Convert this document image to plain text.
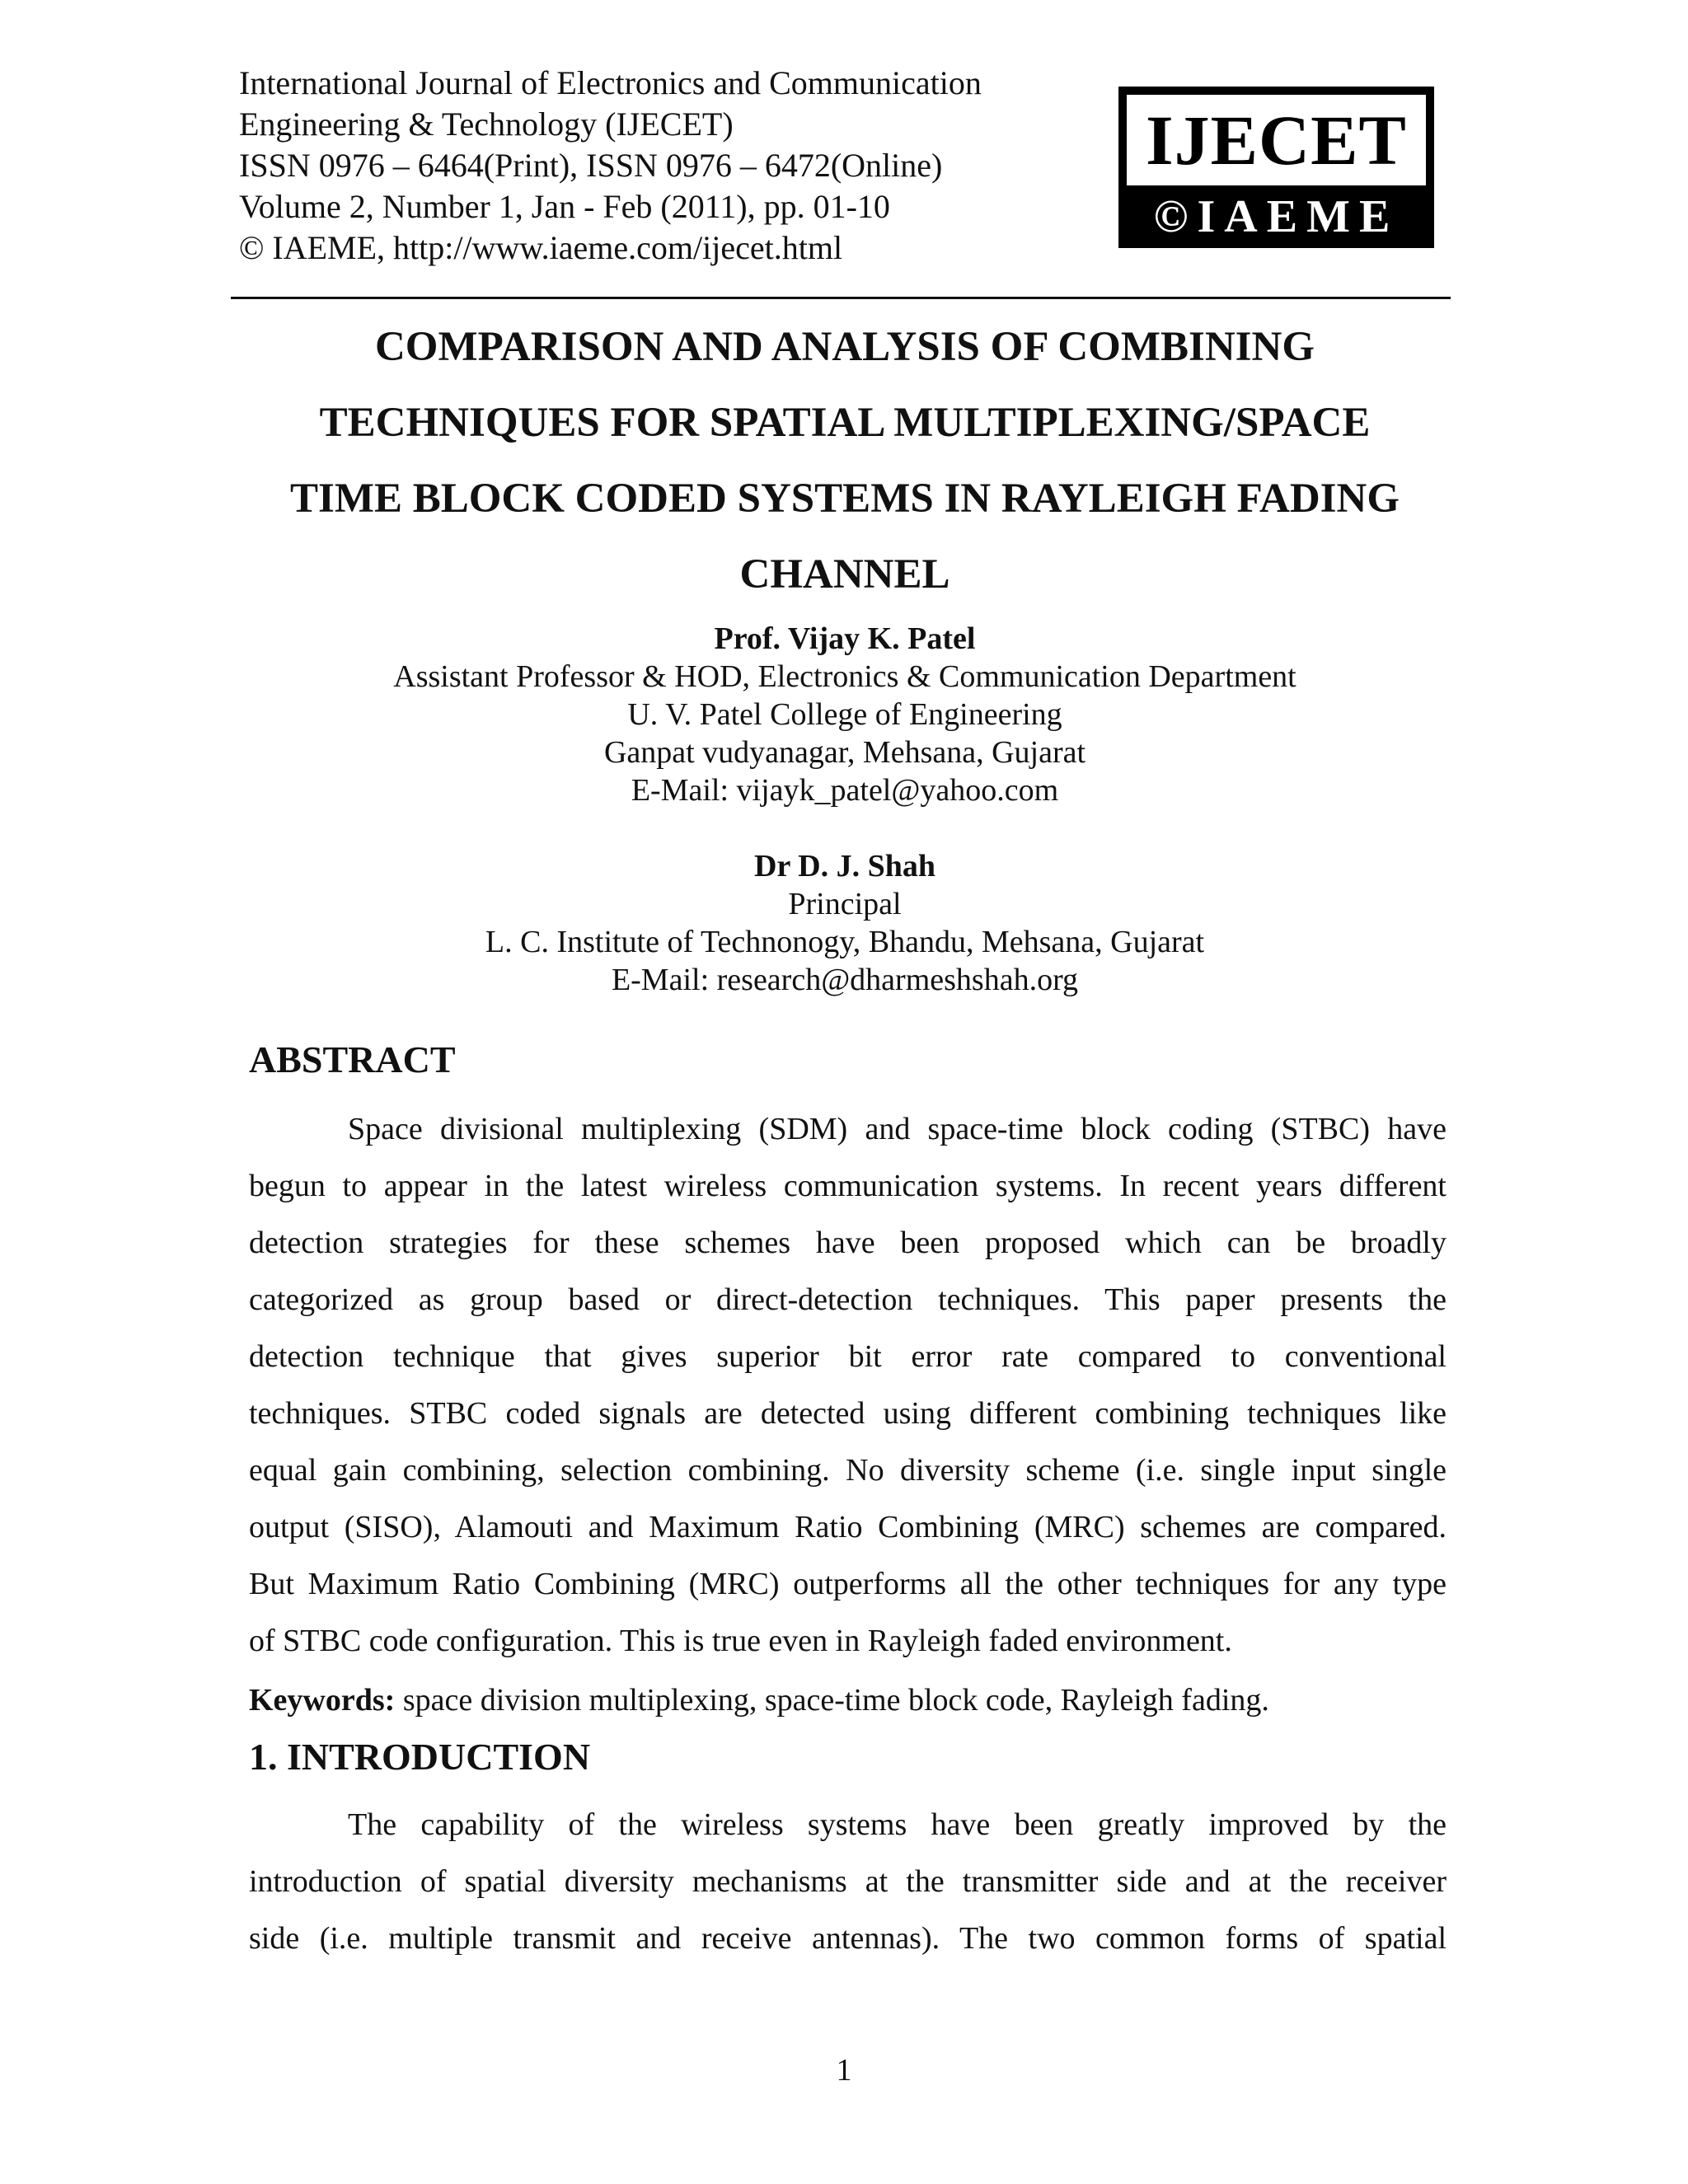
International Journal of Electronics and Communication
Engineering & Technology (IJECET)
ISSN 0976 – 6464(Print), ISSN 0976 – 6472(Online)
Volume 2, Number 1, Jan - Feb (2011), pp. 01-10
© IAEME, http://www.iaeme.com/ijecet.html
IJECET
©IAEME
COMPARISON AND ANALYSIS OF COMBINING
TECHNIQUES FOR SPATIAL MULTIPLEXING/SPACE
TIME BLOCK CODED SYSTEMS IN RAYLEIGH FADING
CHANNEL
Prof. Vijay K. Patel
Assistant Professor & HOD, Electronics & Communication Department
U. V. Patel College of Engineering
Ganpat vudyanagar, Mehsana, Gujarat
E-Mail: vijayk_patel@yahoo.com
Dr D. J. Shah
Principal
L. C. Institute of Technonogy, Bhandu, Mehsana, Gujarat
E-Mail: research@dharmeshshah.org
ABSTRACT
Space divisional multiplexing (SDM) and space-time block coding (STBC) have
begun to appear in the latest wireless communication systems. In recent years different
detection strategies for these schemes have been proposed which can be broadly
categorized as group based or direct-detection techniques. This paper presents the
detection technique that gives superior bit error rate compared to conventional
techniques. STBC coded signals are detected using different combining techniques like
equal gain combining, selection combining. No diversity scheme (i.e. single input single
output (SISO), Alamouti and Maximum Ratio Combining (MRC) schemes are compared.
But Maximum Ratio Combining (MRC) outperforms all the other techniques for any type
of STBC code configuration. This is true even in Rayleigh faded environment.
Keywords: space division multiplexing, space-time block code, Rayleigh fading.
1. INTRODUCTION
The capability of the wireless systems have been greatly improved by the
introduction of spatial diversity mechanisms at the transmitter side and at the receiver
side (i.e. multiple transmit and receive antennas). The two common forms of spatial
1
